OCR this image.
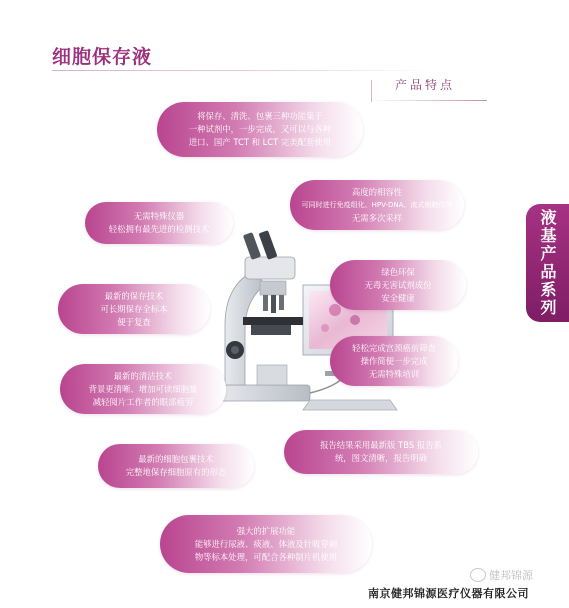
细胞保存液
产品特点
液基产品系列
将保存、清洗、包裹三种功能集于
一种试剂中，一步完成，又可以与各种
进口、国产 TCT 和 LCT 完美配套使用
高度的相容性
可同时进行免疫组化、HPV-DNA、流式细胞仪等
无需多次采样
无需特殊仪器
轻松拥有最先进的检测技术
绿色环保
无毒无害试剂成份
安全健康
最新的保存技术
可长期保存全标本
便于复查
轻松完成宫颈癌前筛查
操作简便一步完成
无需特殊培训
最新的清洁技术
背景更清晰、增加可读细胞量
减轻阅片工作者的眼部疲劳
报告结果采用最新版 TBS 报告系
统，图文清晰，报告明确
最新的细胞包裹技术
完整地保存细胞原有的形态
强大的扩展功能
能够进行尿液、痰液、体液及针吸穿刺
物等标本处理，可配合各种制片机使用
健邦锦源
南京健邦锦源医疗仪器有限公司
